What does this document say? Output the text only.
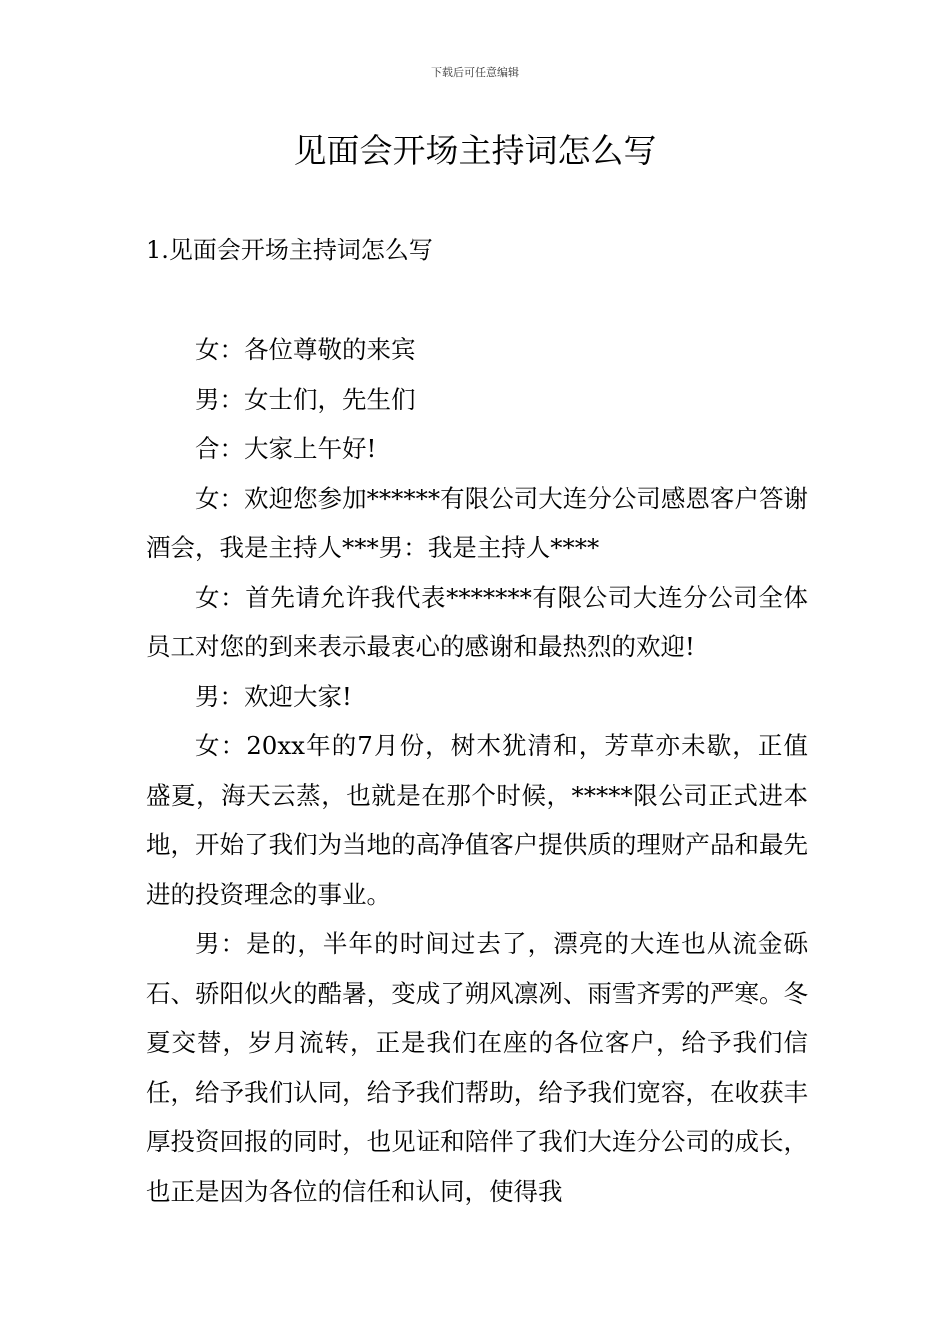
下载后可任意编辑
见面会开场主持词怎么写
1.见面会开场主持词怎么写

女：各位尊敬的来宾

男：女士们，先生们

合：大家上午好!

女：欢迎您参加******有限公司大连分公司感恩客户答谢酒会，我是主持人***男：我是主持人****

女：首先请允许我代表*******有限公司大连分公司全体员工对您的到来表示最衷心的感谢和最热烈的欢迎!

男：欢迎大家!

女：20xx年的7月份，树木犹清和，芳草亦未歇，正值盛夏，海天云蒸，也就是在那个时候，*****限公司正式进本地，开始了我们为当地的高净值客户提供质的理财产品和最先进的投资理念的事业。

男：是的，半年的时间过去了，漂亮的大连也从流金砾石、骄阳似火的酷暑，变成了朔风凛冽、雨雪齐雱的严寒。冬夏交替，岁月流转，正是我们在座的各位客户，给予我们信任，给予我们认同，给予我们帮助，给予我们宽容，在收获丰厚投资回报的同时，也见证和陪伴了我们大连分公司的成长，也正是因为各位的信任和认同，使得我
